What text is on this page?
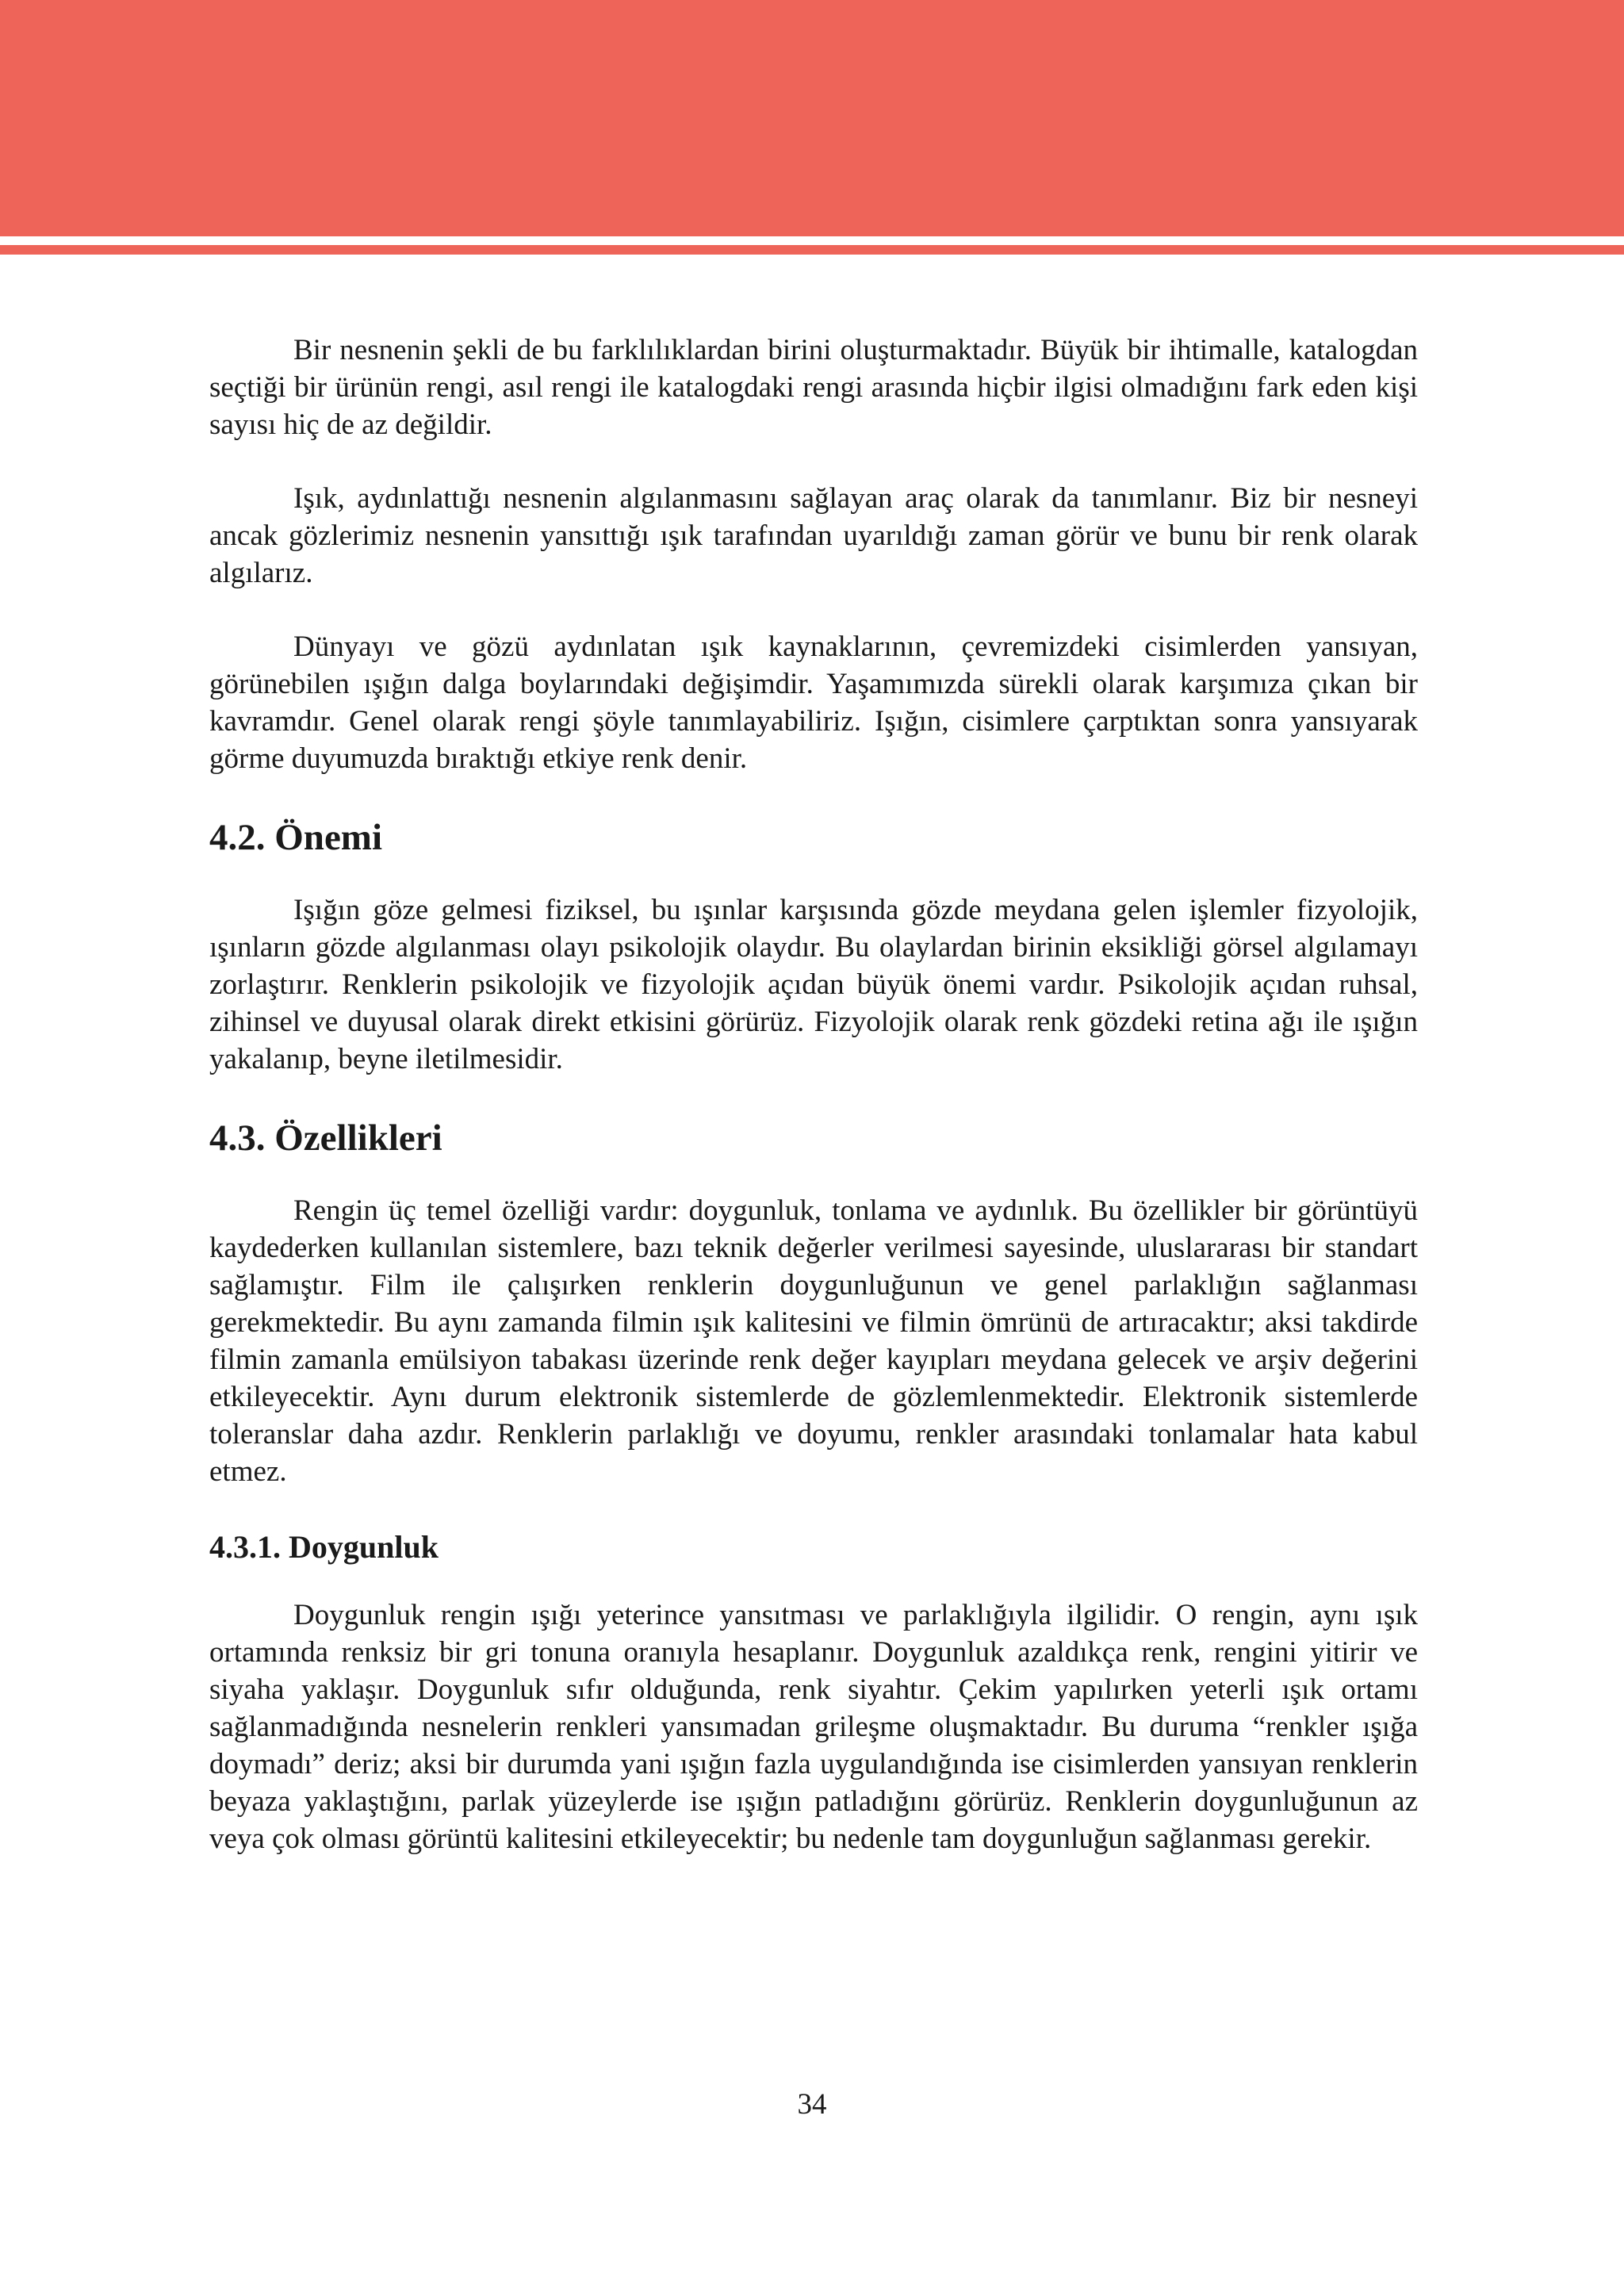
Bir nesnenin şekli de bu farklılıklardan birini oluşturmaktadır. Büyük bir ihtimalle, katalogdan seçtiği bir ürünün rengi, asıl rengi ile katalogdaki rengi arasında hiçbir ilgisi olmadığını fark eden kişi sayısı hiç de az değildir.

Işık, aydınlattığı nesnenin algılanmasını sağlayan araç olarak da tanımlanır. Biz bir nesneyi ancak gözlerimiz nesnenin yansıttığı ışık tarafından uyarıldığı zaman görür ve bunu bir renk olarak algılarız.

Dünyayı ve gözü aydınlatan ışık kaynaklarının, çevremizdeki cisimlerden yansıyan, görünebilen ışığın dalga boylarındaki değişimdir. Yaşamımızda sürekli olarak karşımıza çıkan bir kavramdır. Genel olarak rengi şöyle tanımlayabiliriz. Işığın, cisimlere çarptıktan sonra yansıyarak görme duyumuzda bıraktığı etkiye renk denir.

4.2. Önemi

Işığın göze gelmesi fiziksel, bu ışınlar karşısında gözde meydana gelen işlemler fizyolojik, ışınların gözde algılanması olayı psikolojik olaydır. Bu olaylardan birinin eksikliği görsel algılamayı zorlaştırır. Renklerin psikolojik ve fizyolojik açıdan büyük önemi vardır. Psikolojik açıdan ruhsal, zihinsel ve duyusal olarak direkt etkisini görürüz. Fizyolojik olarak renk gözdeki retina ağı ile ışığın yakalanıp, beyne iletilmesidir.

4.3. Özellikleri

Rengin üç temel özelliği vardır: doygunluk, tonlama ve aydınlık. Bu özellikler bir görüntüyü kaydederken kullanılan sistemlere, bazı teknik değerler verilmesi sayesinde, uluslararası bir standart sağlamıştır. Film ile çalışırken renklerin doygunluğunun ve genel parlaklığın sağlanması gerekmektedir. Bu aynı zamanda filmin ışık kalitesini ve filmin ömrünü de artıracaktır; aksi takdirde filmin zamanla emülsiyon tabakası üzerinde renk değer kayıpları meydana gelecek ve arşiv değerini etkileyecektir. Aynı durum elektronik sistemlerde de gözlemlenmektedir. Elektronik sistemlerde toleranslar daha azdır. Renklerin parlaklığı ve doyumu, renkler arasındaki tonlamalar hata kabul etmez.

4.3.1. Doygunluk

Doygunluk rengin ışığı yeterince yansıtması ve parlaklığıyla ilgilidir. O rengin, aynı ışık ortamında renksiz bir gri tonuna oranıyla hesaplanır. Doygunluk azaldıkça renk, rengini yitirir ve siyaha yaklaşır. Doygunluk sıfır olduğunda, renk siyahtır. Çekim yapılırken yeterli ışık ortamı sağlanmadığında nesnelerin renkleri yansımadan grileşme oluşmaktadır. Bu duruma “renkler ışığa doymadı” deriz; aksi bir durumda yani ışığın fazla uygulandığında ise cisimlerden yansıyan renklerin beyaza yaklaştığını, parlak yüzeylerde ise ışığın patladığını görürüz. Renklerin doygunluğunun az veya çok olması görüntü kalitesini etkileyecektir; bu nedenle tam doygunluğun sağlanması gerekir.

34
